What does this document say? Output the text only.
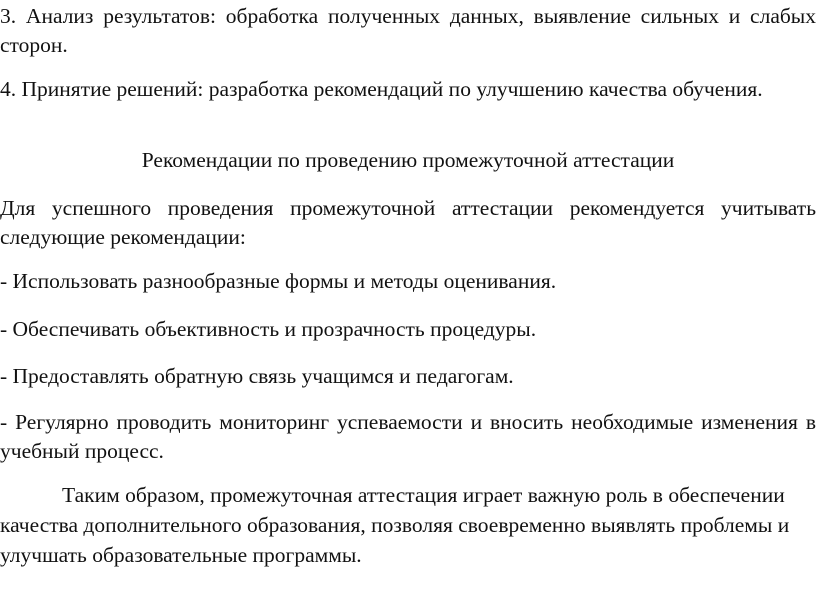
3. Анализ результатов: обработка полученных данных, выявление сильных и слабых сторон.

4. Принятие решений: разработка рекомендаций по улучшению качества обучения.

Рекомендации по проведению промежуточной аттестации

Для успешного проведения промежуточной аттестации рекомендуется учитывать следующие рекомендации:

- Использовать разнообразные формы и методы оценивания.

- Обеспечивать объективность и прозрачность процедуры.

- Предоставлять обратную связь учащимся и педагогам.

- Регулярно проводить мониторинг успеваемости и вносить необходимые изменения в учебный процесс.

Таким образом, промежуточная аттестация играет важную роль в обеспечении качества дополнительного образования, позволяя своевременно выявлять проблемы и улучшать образовательные программы.
